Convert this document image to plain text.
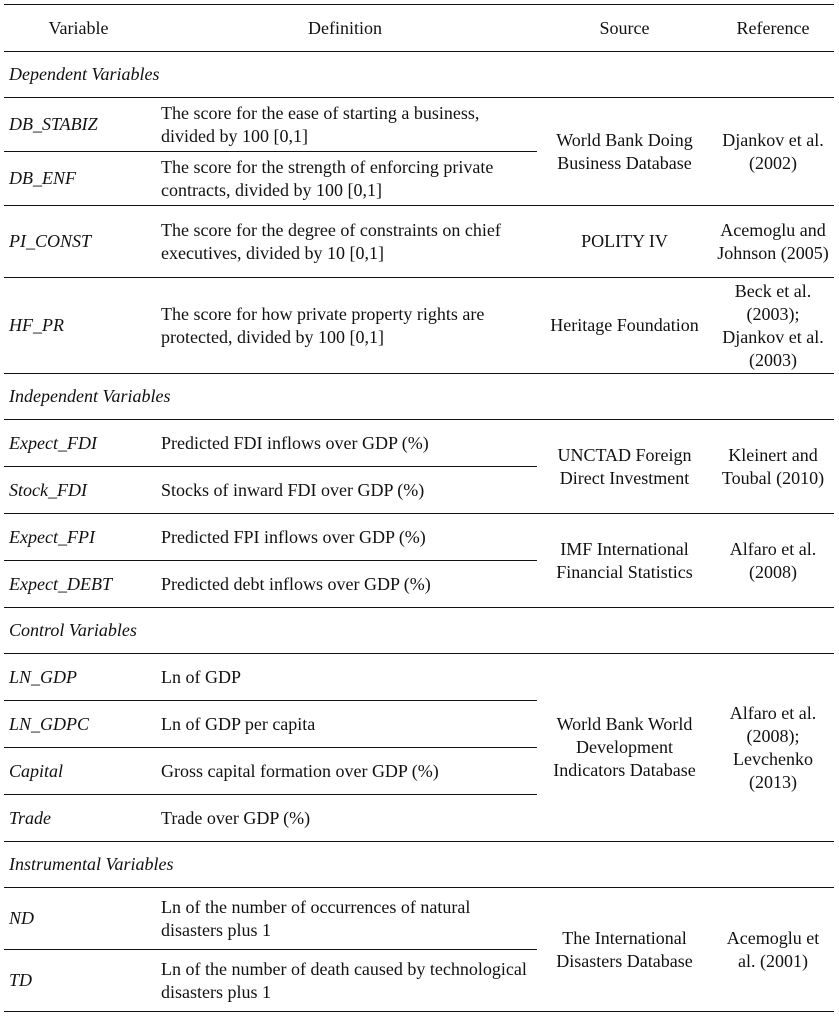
Variable	Definition	Source	Reference
Dependent Variables			
DB_STABIZ	The score for the ease of starting a business, divided by 100 [0,1]	World Bank Doing Business Database	Djankov et al. (2002)
DB_ENF	The score for the strength of enforcing private contracts, divided by 100 [0,1]		
PI_CONST	The score for the degree of constraints on chief executives, divided by 10 [0,1]	POLITY IV	Acemoglu and Johnson (2005)
HF_PR	The score for how private property rights are protected, divided by 100 [0,1]	Heritage Foundation	Beck et al. (2003); Djankov et al. (2003)
Independent Variables			
Expect_FDI	Predicted FDI inflows over GDP (%)	UNCTAD Foreign Direct Investment	Kleinert and Toubal (2010)
Stock_FDI	Stocks of inward FDI over GDP (%)		
Expect_FPI	Predicted FPI inflows over GDP (%)	IMF International Financial Statistics	Alfaro et al. (2008)
Expect_DEBT	Predicted debt inflows over GDP (%)		
Control Variables			
LN_GDP	Ln of GDP	World Bank World Development Indicators Database	Alfaro et al. (2008); Levchenko (2013)
LN_GDPC	Ln of GDP per capita		
Capital	Gross capital formation over GDP (%)		
Trade	Trade over GDP (%)		
Instrumental Variables			
ND	Ln of the number of occurrences of natural disasters plus 1	The International Disasters Database	Acemoglu et al. (2001)
TD	Ln of the number of death caused by technological disasters plus 1		
